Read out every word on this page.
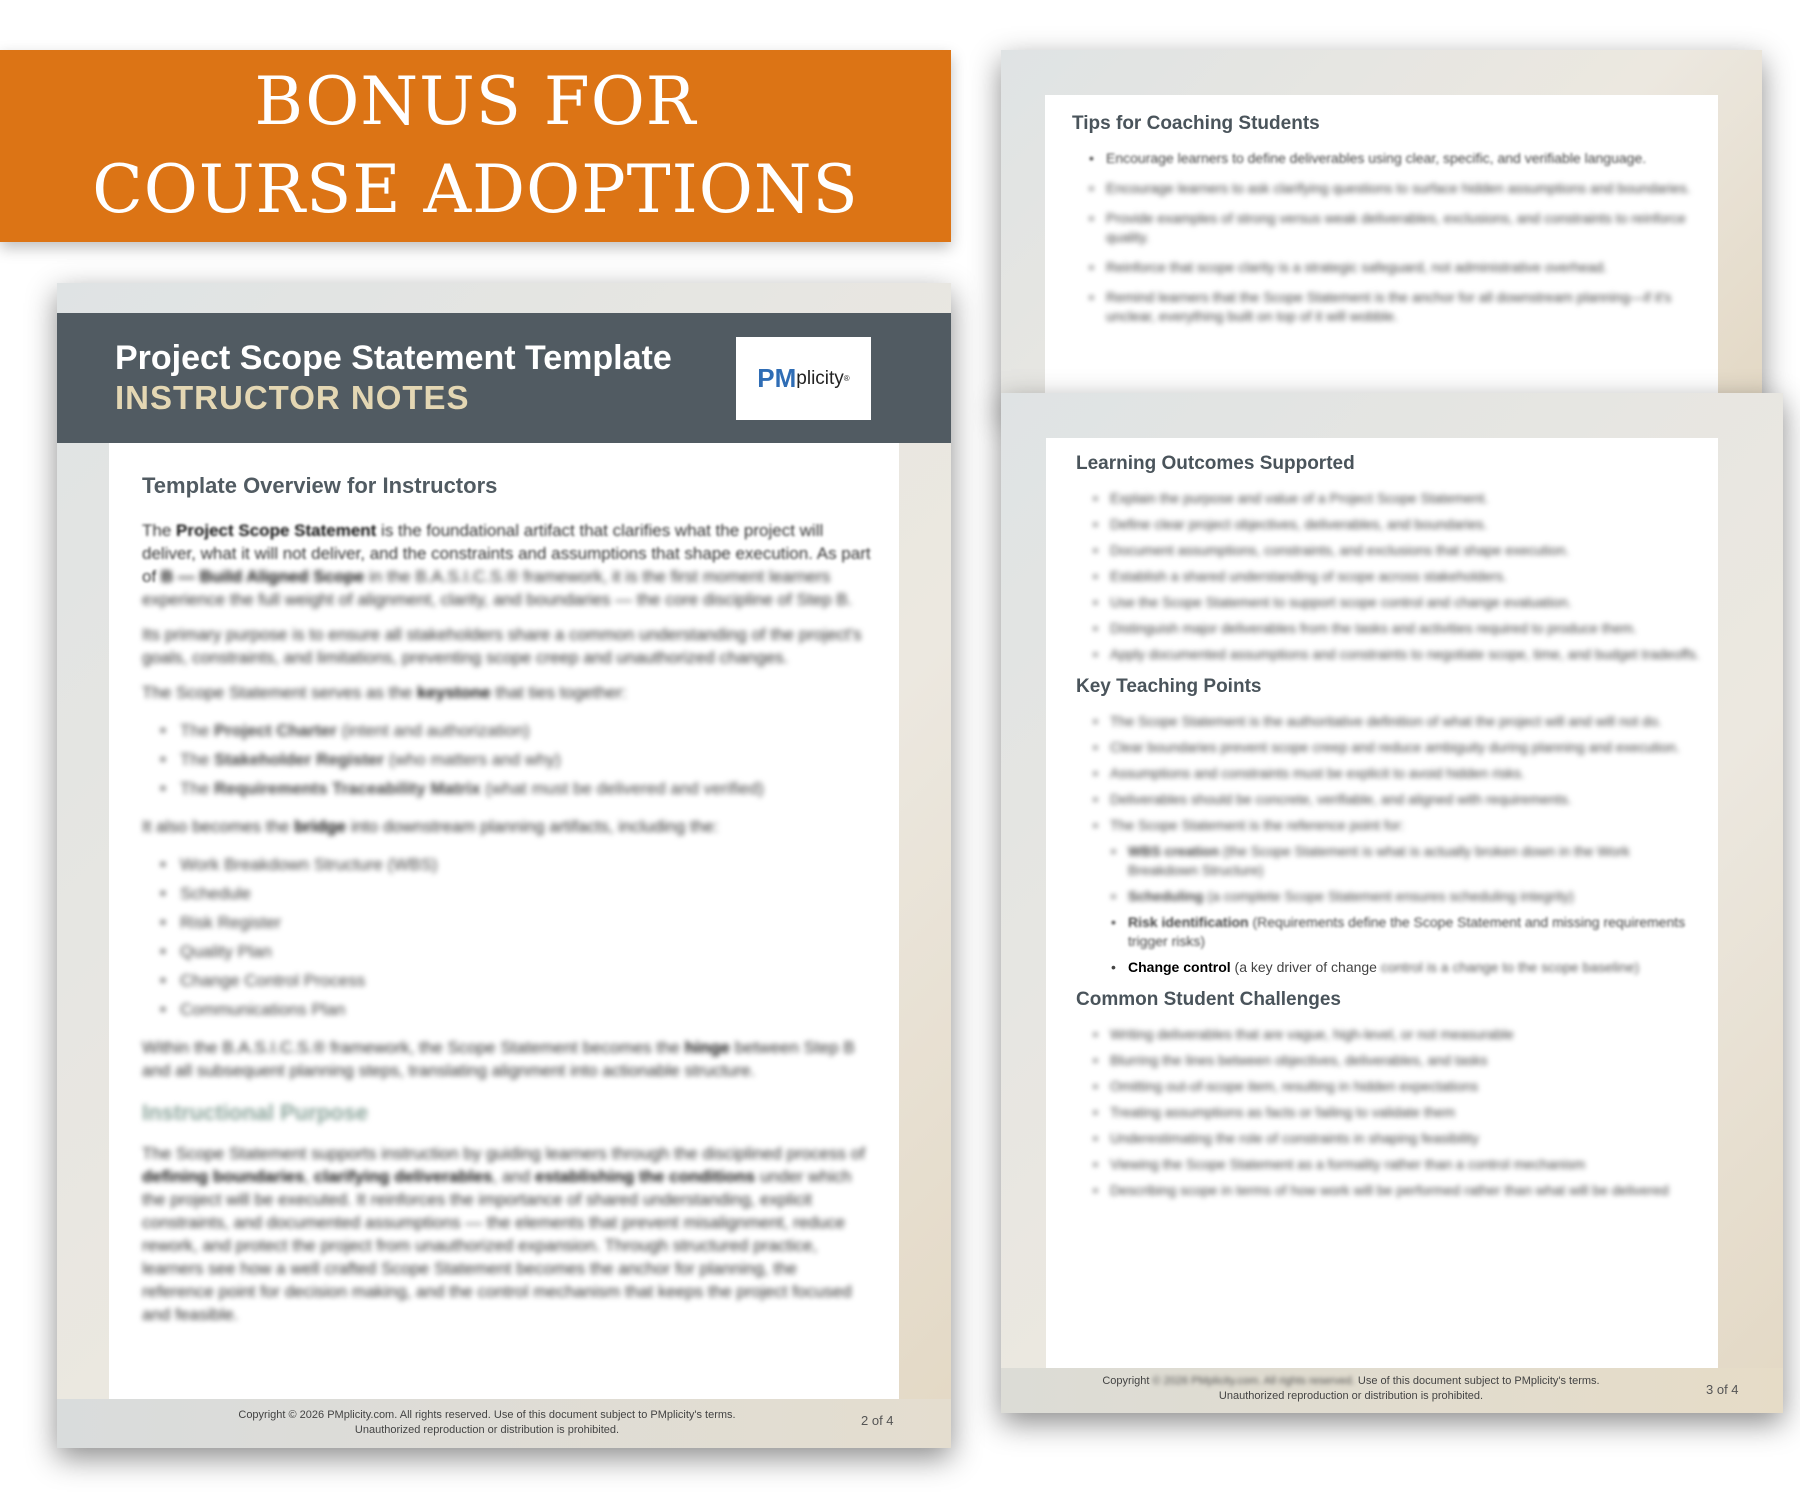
BONUS FOR
COURSE ADOPTIONS
Tips for Coaching Students
• Encourage learners to define deliverables using clear, specific, and verifiable language.
• Encourage learners to ask clarifying questions to surface hidden assumptions and boundaries.
• Provide examples of strong versus weak deliverables, exclusions, and constraints to reinforce quality.
• Reinforce that scope clarity is a strategic safeguard, not administrative overhead.
• Remind learners that the Scope Statement is the anchor for all downstream planning—if it's unclear, everything built on top of it will wobble.
Learning Outcomes Supported
• Explain the purpose and value of a Project Scope Statement.
• Define clear project objectives, deliverables, and boundaries.
• Document assumptions, constraints, and exclusions that shape execution.
• Establish a shared understanding of scope across stakeholders.
• Use the Scope Statement to support scope control and change evaluation.
• Distinguish major deliverables from the tasks and activities required to produce them.
• Apply documented assumptions and constraints to negotiate scope, time, and budget tradeoffs.
Key Teaching Points
• The Scope Statement is the authoritative definition of what the project will and will not do.
• Clear boundaries prevent scope creep and reduce ambiguity during planning and execution.
• Assumptions and constraints must be explicit to avoid hidden risks.
• Deliverables should be concrete, verifiable, and aligned with requirements.
• The Scope Statement is the reference point for:
• WBS creation (the Scope Statement is what is actually broken down in the Work Breakdown Structure)
• Scheduling (a complete Scope Statement ensures scheduling integrity)
• Risk identification (Requirements define the Scope Statement and missing requirements trigger risks)
• Change control (a key driver of change control is a change to the scope baseline)
Common Student Challenges
• Writing deliverables that are vague, high-level, or not measurable
• Blurring the lines between objectives, deliverables, and tasks
• Omitting out-of-scope item, resulting in hidden expectations
• Treating assumptions as facts or failing to validate them
• Underestimating the role of constraints in shaping feasibility
• Viewing the Scope Statement as a formality rather than a control mechanism
• Describing scope in terms of how work will be performed rather than what will be delivered
Copyright © 2026 PMplicity.com. All rights reserved. Use of this document subject to PMplicity's terms.
Unauthorized reproduction or distribution is prohibited.	3 of 4
Project Scope Statement Template
INSTRUCTOR NOTES
PM plicity ®
Template Overview for Instructors

The Project Scope Statement is the foundational artifact that clarifies what the project will deliver, what it will not deliver, and the constraints and assumptions that shape execution. As part of B — Build Aligned Scope in the B.A.S.I.C.S.® framework, it is the first moment learners experience the full weight of alignment, clarity, and boundaries — the core discipline of Step B.

Its primary purpose is to ensure all stakeholders share a common understanding of the project's goals, constraints, and limitations, preventing scope creep and unauthorized changes.

The Scope Statement serves as the keystone that ties together:

• The Project Charter (intent and authorization)
• The Stakeholder Register (who matters and why)
• The Requirements Traceability Matrix (what must be delivered and verified)

It also becomes the bridge into downstream planning artifacts, including the:

• Work Breakdown Structure (WBS)
• Schedule
• Risk Register
• Quality Plan
• Change Control Process
• Communications Plan

Within the B.A.S.I.C.S.® framework, the Scope Statement becomes the hinge between Step B and all subsequent planning steps, translating alignment into actionable structure.

Instructional Purpose

The Scope Statement supports instruction by guiding learners through the disciplined process of defining boundaries, clarifying deliverables, and establishing the conditions under which the project will be executed. It reinforces the importance of shared understanding, explicit constraints, and documented assumptions — the elements that prevent misalignment, reduce rework, and protect the project from unauthorized expansion. Through structured practice, learners see how a well crafted Scope Statement becomes the anchor for planning, the reference point for decision making, and the control mechanism that keeps the project focused and feasible.

Copyright © 2026 PMplicity.com. All rights reserved. Use of this document subject to PMplicity's terms.
Unauthorized reproduction or distribution is prohibited.
2 of 4
